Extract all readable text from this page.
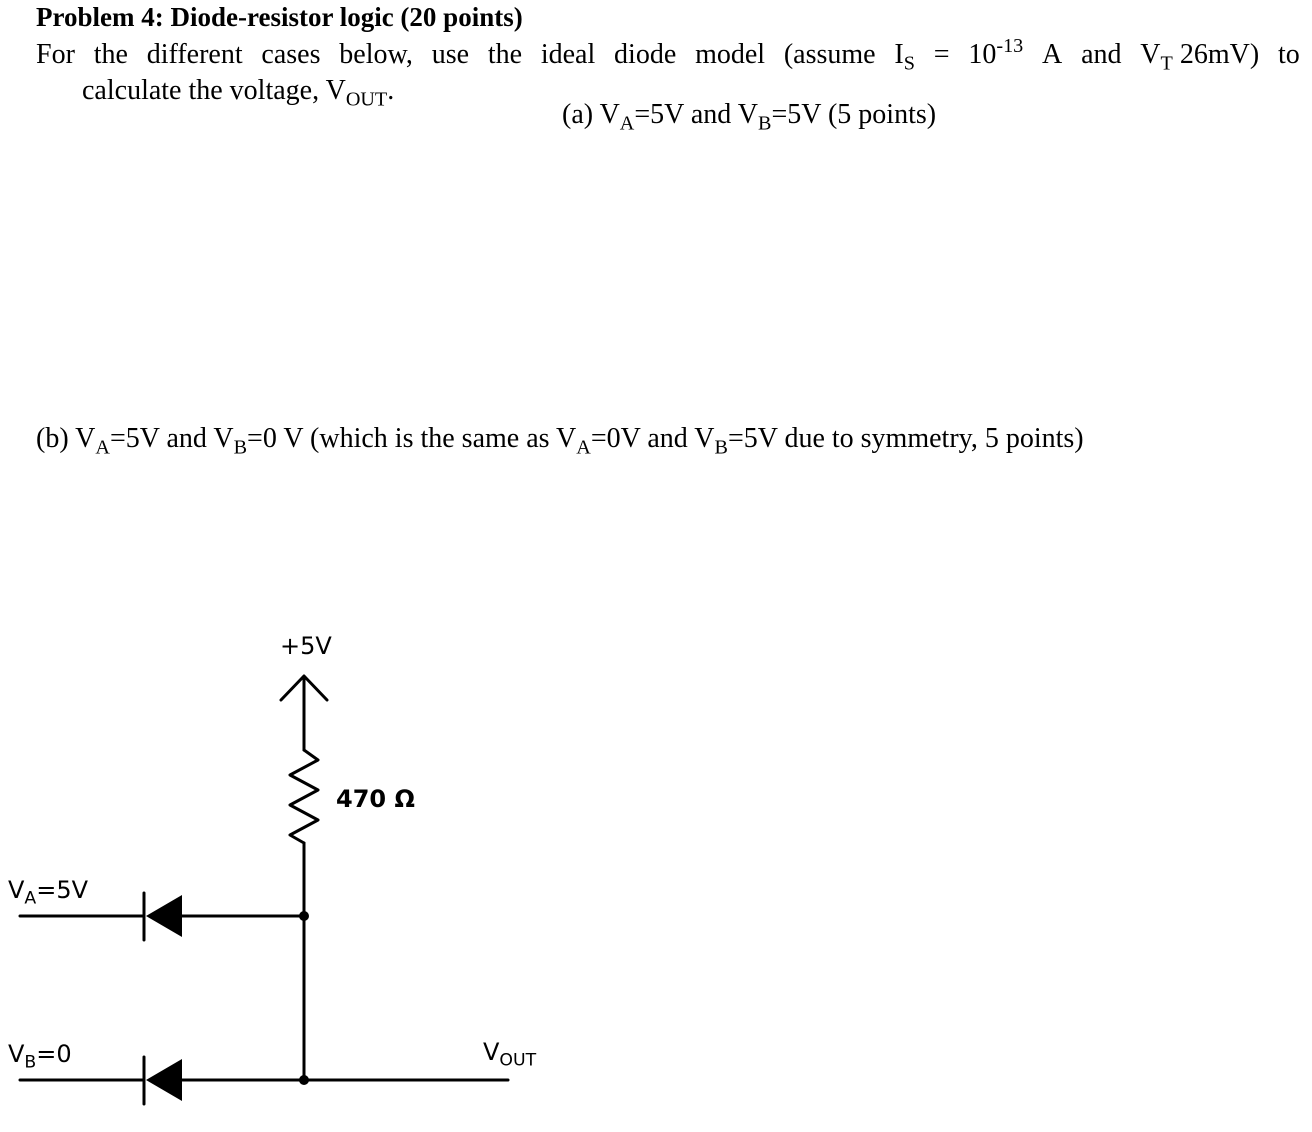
Problem 4: Diode-resistor logic (20 points)
For the different cases below, use the ideal diode model (assume $I_S = 10^{-13}$ A and $V_T$ 26mV) to
calculate the voltage, $V_{OUT}$.
(a) $V_A=5V$ and $V_B=5V$ (5 points)
(b) $V_A=5V$ and $V_B=0$ V (which is the same as $V_A=0V$ and $V_B=5V$ due to symmetry, 5 points)
+5V
470 Ω
$V_A=5V$
$V_B=0$	$V_{OUT}$
